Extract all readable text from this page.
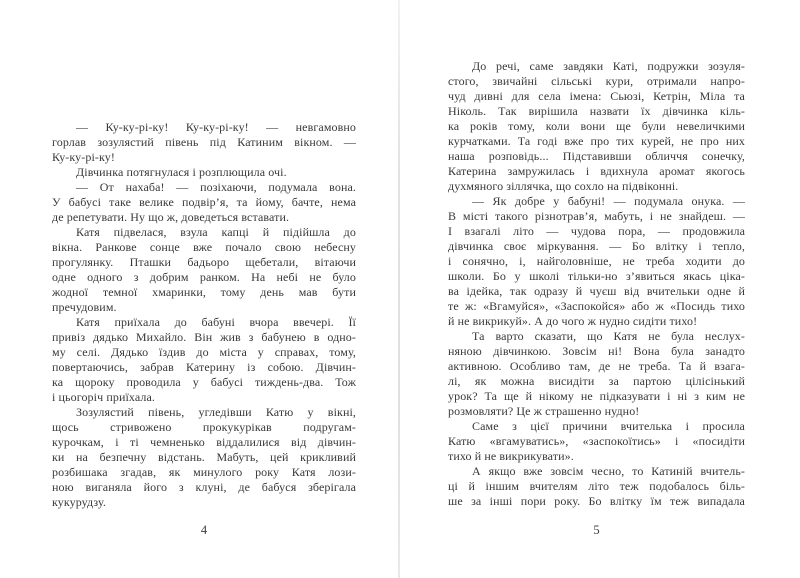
— Ку-ку-рі-ку! Ку-ку-рі-ку! — невгамовно
горлав зозулястий півень під Катиним вікном. —
Ку-ку-рі-ку!
Дівчинка потягнулася і розплющила очі.
— От нахаба! — позіхаючи, подумала вона.
У бабусі таке велике подвір’я, та йому, бачте, нема
де репетувати. Ну що ж, доведеться вставати.
Катя підвелася, взула капці й підійшла до
вікна. Ранкове сонце вже почало свою небесну
прогулянку. Пташки бадьоро щебетали, вітаючи
одне одного з добрим ранком. На небі не було
жодної темної хмаринки, тому день мав бути
пречудовим.
Катя приїхала до бабуні вчора ввечері. Її
привіз дядько Михайло. Він жив з бабунею в одно-
му селі. Дядько їздив до міста у справах, тому,
повертаючись, забрав Катерину із собою. Дівчин-
ка щороку проводила у бабусі тиждень-два. Тож
і цьогоріч приїхала.
Зозулястий півень, угледівши Катю у вікні,
щось стривожено прокукурікав подругам-
курочкам, і ті чемненько віддалилися від дівчин-
ки на безпечну відстань. Мабуть, цей крикливий
розбишака згадав, як минулого року Катя лози-
ною виганяла його з клуні, де бабуся зберігала
кукурудзу.
4
До речі, саме завдяки Каті, подружки зозуля-
стого, звичайні сільські кури, отримали напро-
чуд дивні для села імена: Сьюзі, Кетрін, Міла та
Ніколь. Так вирішила назвати їх дівчинка кіль-
ка років тому, коли вони ще були невеличкими
курчатками. Та годі вже про тих курей, не про них
наша розповідь... Підставивши обличчя сонечку,
Катерина замружилась і вдихнула аромат якогось
духмяного зіллячка, що сохло на підвіконні.
— Як добре у бабуні! — подумала онука. —
В місті такого різнотрав’я, мабуть, і не знайдеш. —
І взагалі літо — чудова пора, — продовжила
дівчинка своє міркування. — Бо влітку і тепло,
і сонячно, і, найголовніше, не треба ходити до
школи. Бо у школі тільки-но з’явиться якась ціка-
ва ідейка, так одразу й чуєш від вчительки одне й
те ж: «Вгамуйся», «Заспокойся» або ж «Посидь тихо
й не викрикуй». А до чого ж нудно сидіти тихо!
Та варто сказати, що Катя не була неслух-
няною дівчинкою. Зовсім ні! Вона була занадто
активною. Особливо там, де не треба. Та й взага-
лі, як можна висидіти за партою цілісінький
урок? Та ще й нікому не підказувати і ні з ким не
розмовляти? Це ж страшенно нудно!
Саме з цієї причини вчителька і просила
Катю «вгамуватись», «заспокоїтись» і «посидіти
тихо й не викрикувати».
А якщо вже зовсім чесно, то Катиній вчитель-
ці й іншим вчителям літо теж подобалось біль-
ше за інші пори року. Бо влітку їм теж випадала
5
